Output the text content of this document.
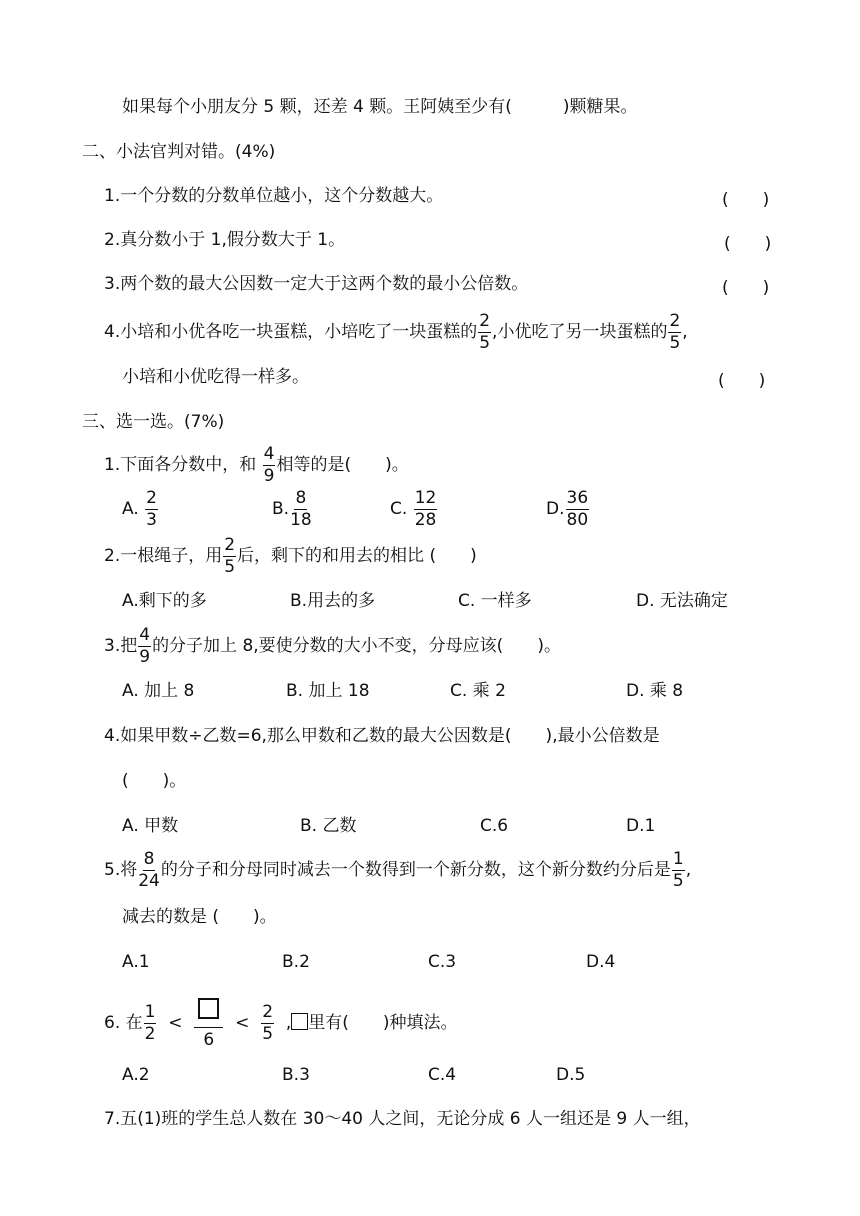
如果每个小朋友分 5 颗，还差 4 颗。王阿姨至少有(　　　)颗糖果。
二、小法官判对错。(4%)
1.一个分数的分数单位越小，这个分数越大。	(　　)
2.真分数小于 1,假分数大于 1。	(　　)
3.两个数的最大公因数一定大于这两个数的最小公倍数。	(　　)
4.小培和小优各吃一块蛋糕，小培吃了一块蛋糕的 $\frac{2}{5}$ ,小优吃了另一块蛋糕的 $\frac{2}{5}$ ,
小培和小优吃得一样多。	(　　)
三、选一选。(7%)
1.下面各分数中，和 $\frac{4}{9}$ 相等的是(　　)。
A. $\frac{2}{3}$	B. $\frac{8}{18}$	C. $\frac{12}{28}$	D. $\frac{36}{80}$
2.一根绳子，用 $\frac{2}{5}$ 后，剩下的和用去的相比 (　　)
A.剩下的多	B.用去的多	C. 一样多	D. 无法确定
3.把 $\frac{4}{9}$ 的分子加上 8,要使分数的大小不变，分母应该(　　)。
A. 加上 8	B. 加上 18	C. 乘 2	D. 乘 8
4.如果甲数÷乙数=6,那么甲数和乙数的最大公因数是(　　),最小公倍数是
(　　)。
A. 甲数	B. 乙数	C.6	D.1
5.将 $\frac{8}{24}$ 的分子和分母同时减去一个数得到一个新分数，这个新分数约分后是 $\frac{1}{5}$ ,
减去的数是 (　　)。
A.1	B.2	C.3	D.4
6. 在 $\frac{1}{2}$ <
6
< $\frac{2}{5}$ , 里有(　　)种填法。
A.2	B.3	C.4	D.5
7.五(1)班的学生总人数在 30～40 人之间，无论分成 6 人一组还是 9 人一组，
